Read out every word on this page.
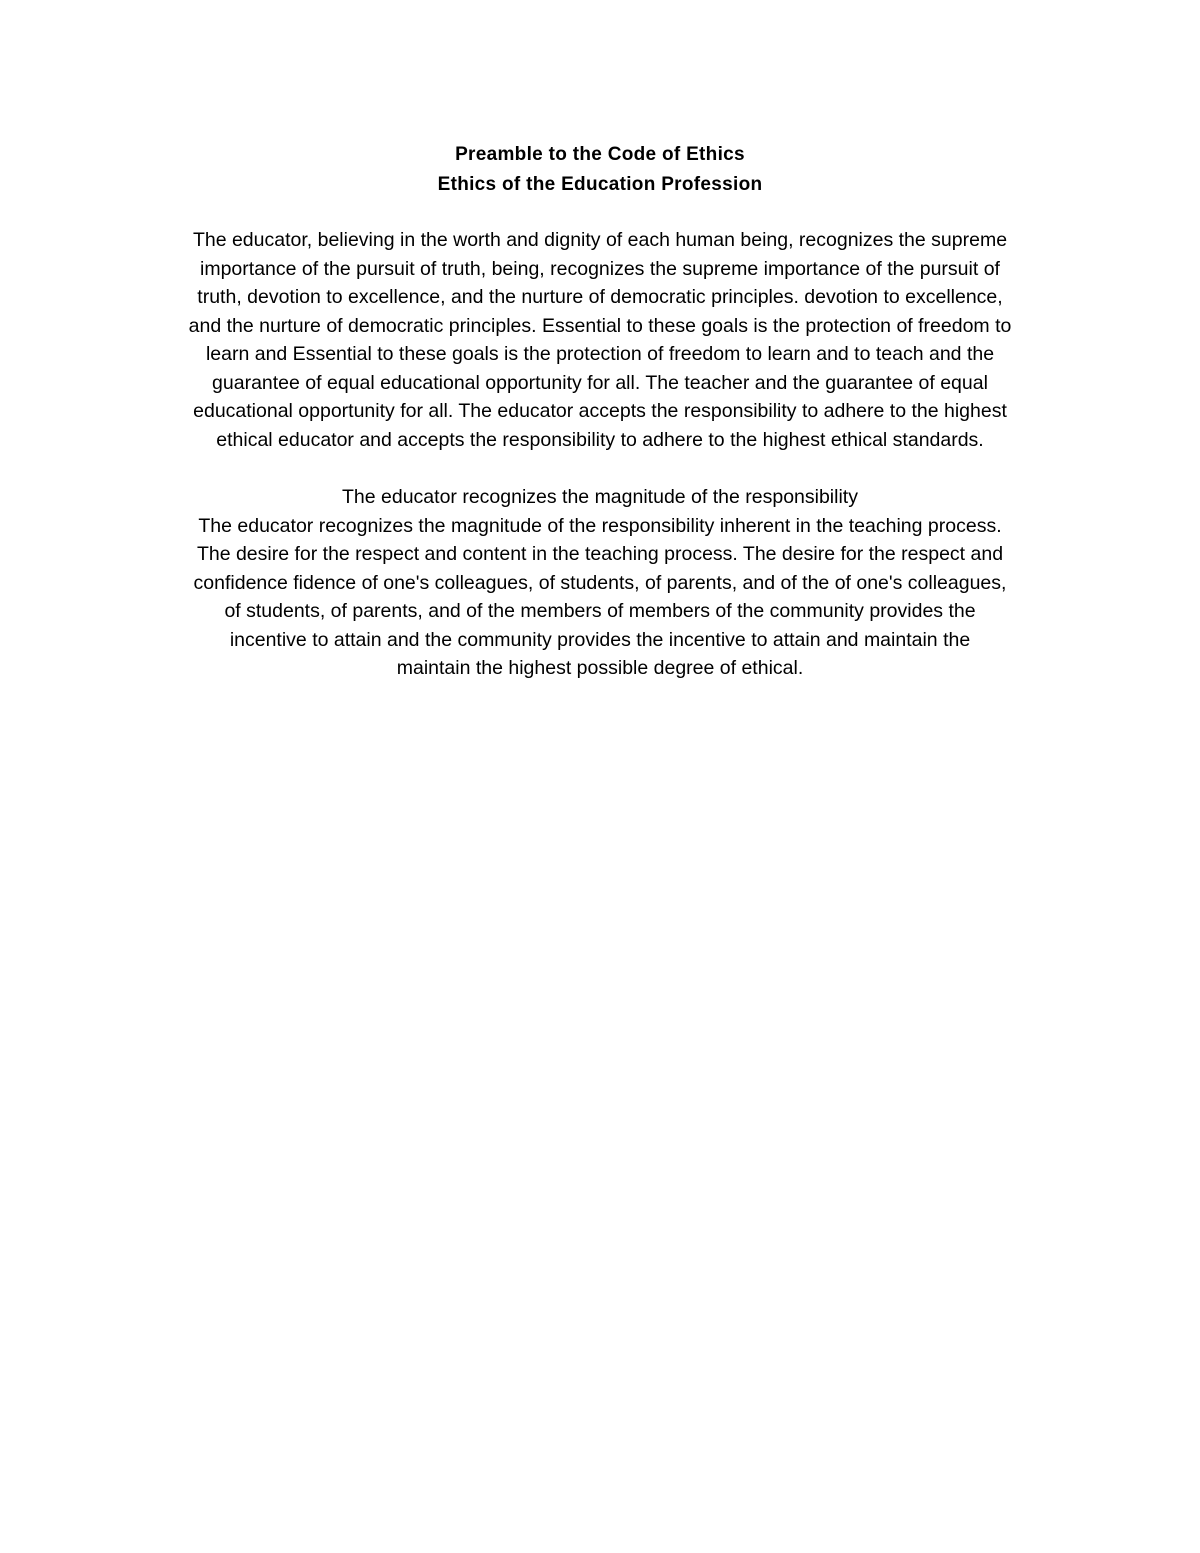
Preamble to the Code of Ethics
Ethics of the Education Profession
The educator, believing in the worth and dignity of each human being, recognizes the supreme
importance of the pursuit of truth, being, recognizes the supreme importance of the pursuit of
truth, devotion to excellence, and the nurture of democratic principles. devotion to excellence,
and the nurture of democratic principles. Essential to these goals is the protection of freedom to
learn and Essential to these goals is the protection of freedom to learn and to teach and the
guarantee of equal educational opportunity for all. The teacher and the guarantee of equal
educational opportunity for all. The educator accepts the responsibility to adhere to the highest
ethical educator and accepts the responsibility to adhere to the highest ethical standards.
The educator recognizes the magnitude of the responsibility
The educator recognizes the magnitude of the responsibility inherent in the teaching process.
The desire for the respect and content in the teaching process. The desire for the respect and
confidence fidence of one's colleagues, of students, of parents, and of the of one's colleagues,
of students, of parents, and of the members of members of the community provides the
incentive to attain and the community provides the incentive to attain and maintain the
maintain the highest possible degree of ethical.
